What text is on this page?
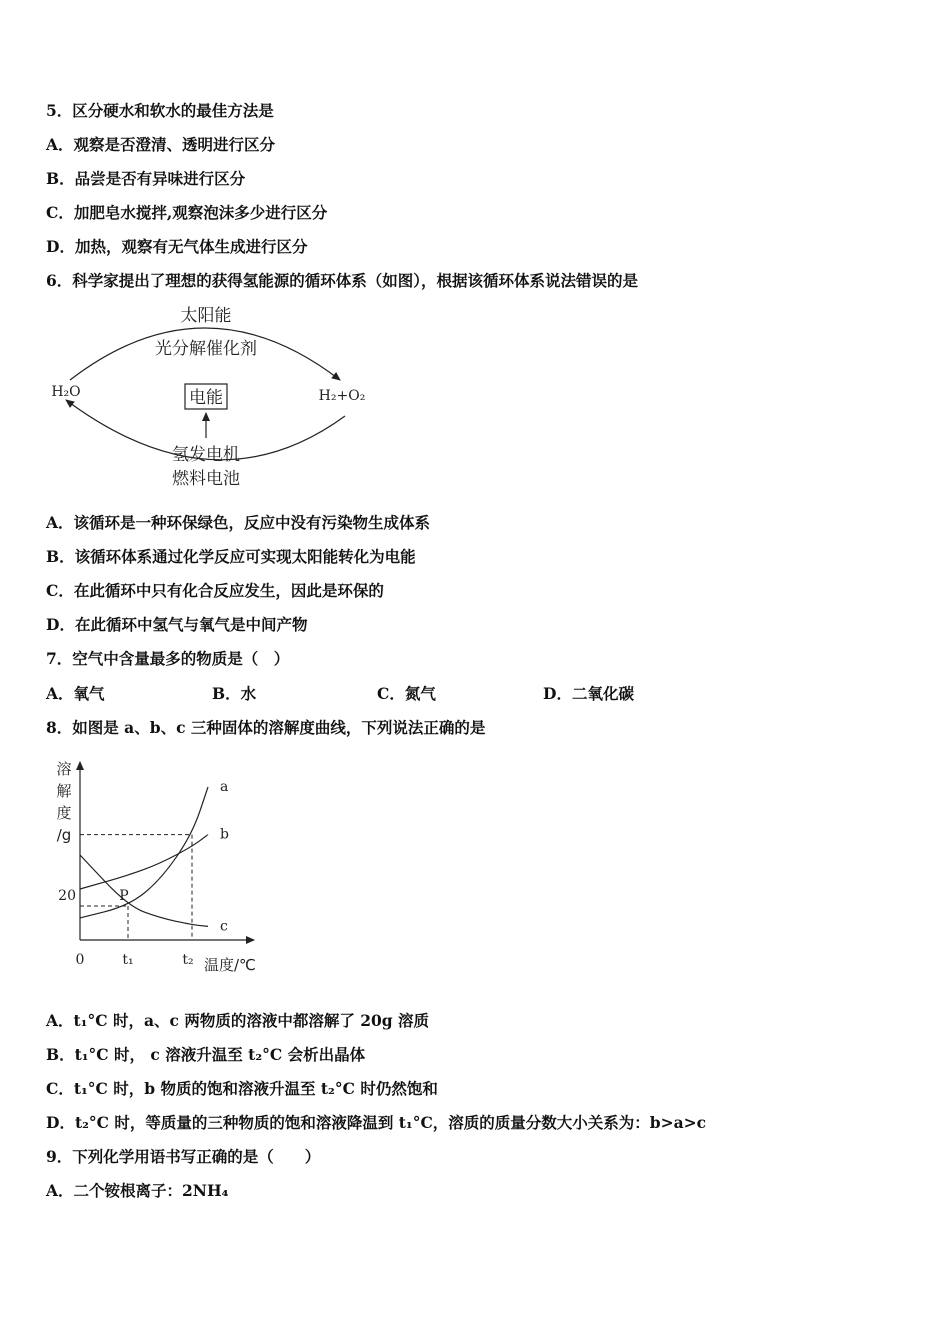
5．区分硬水和软水的最佳方法是
A．观察是否澄清、透明进行区分
B．品尝是否有异味进行区分
C．加肥皂水搅拌,观察泡沫多少进行区分
D．加热，观察有无气体生成进行区分
6．科学家提出了理想的获得氢能源的循环体系（如图），根据该循环体系说法错误的是
太阳能
光分解催化剂
H₂O	H₂+O₂
电能
氢发电机
燃料电池
A．该循环是一种环保绿色，反应中没有污染物生成体系
B．该循环体系通过化学反应可实现太阳能转化为电能
C．在此循环中只有化合反应发生，因此是环保的
D．在此循环中氢气与氧气是中间产物
7．空气中含量最多的物质是（　）
A．氧气	B．水	C．氮气	D．二氧化碳
8．如图是 a、b、c 三种固体的溶解度曲线，下列说法正确的是
溶
解
度
/g
a
b
c
0	t₁	t₂ 温度/℃
20	P
A．t₁°C 时，a、c 两物质的溶液中都溶解了 20g 溶质
B．t₁°C 时， c 溶液升温至 t₂°C 会析出晶体
C．t₁°C 时，b 物质的饱和溶液升温至 t₂°C 时仍然饱和
D．t₂°C 时，等质量的三种物质的饱和溶液降温到 t₁°C，溶质的质量分数大小关系为：b>a>c
9．下列化学用语书写正确的是（　　）
A．二个铵根离子：2NH₄
